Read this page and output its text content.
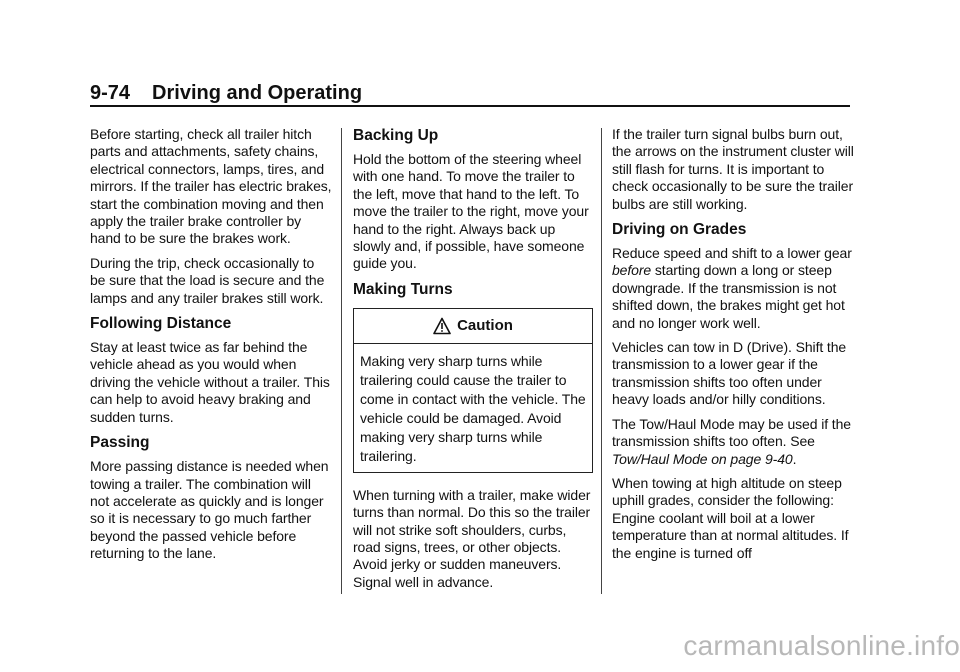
9-74 Driving and Operating

Before starting, check all trailer hitch parts and attachments, safety chains, electrical connectors, lamps, tires, and mirrors. If the trailer has electric brakes, start the combination moving and then apply the trailer brake controller by hand to be sure the brakes work.

During the trip, check occasionally to be sure that the load is secure and the lamps and any trailer brakes still work.

Following Distance

Stay at least twice as far behind the vehicle ahead as you would when driving the vehicle without a trailer. This can help to avoid heavy braking and sudden turns.

Passing

More passing distance is needed when towing a trailer. The combination will not accelerate as quickly and is longer so it is necessary to go much farther beyond the passed vehicle before returning to the lane.

Backing Up

Hold the bottom of the steering wheel with one hand. To move the trailer to the left, move that hand to the left. To move the trailer to the right, move your hand to the right. Always back up slowly and, if possible, have someone guide you.

Making Turns
Caution

Making very sharp turns while trailering could cause the trailer to come in contact with the vehicle. The vehicle could be damaged. Avoid making very sharp turns while trailering.

When turning with a trailer, make wider turns than normal. Do this so the trailer will not strike soft shoulders, curbs, road signs, trees, or other objects. Avoid jerky or sudden maneuvers. Signal well in advance.

If the trailer turn signal bulbs burn out, the arrows on the instrument cluster will still flash for turns. It is important to check occasionally to be sure the trailer bulbs are still working.

Driving on Grades

Reduce speed and shift to a lower gear before starting down a long or steep downgrade. If the transmission is not shifted down, the brakes might get hot and no longer work well.

Vehicles can tow in D (Drive). Shift the transmission to a lower gear if the transmission shifts too often under heavy loads and/or hilly conditions.

The Tow/Haul Mode may be used if the transmission shifts too often. See Tow/Haul Mode on page 9-40.

When towing at high altitude on steep uphill grades, consider the following: Engine coolant will boil at a lower temperature than at normal altitudes. If the engine is turned off

carmanualsonline.info
